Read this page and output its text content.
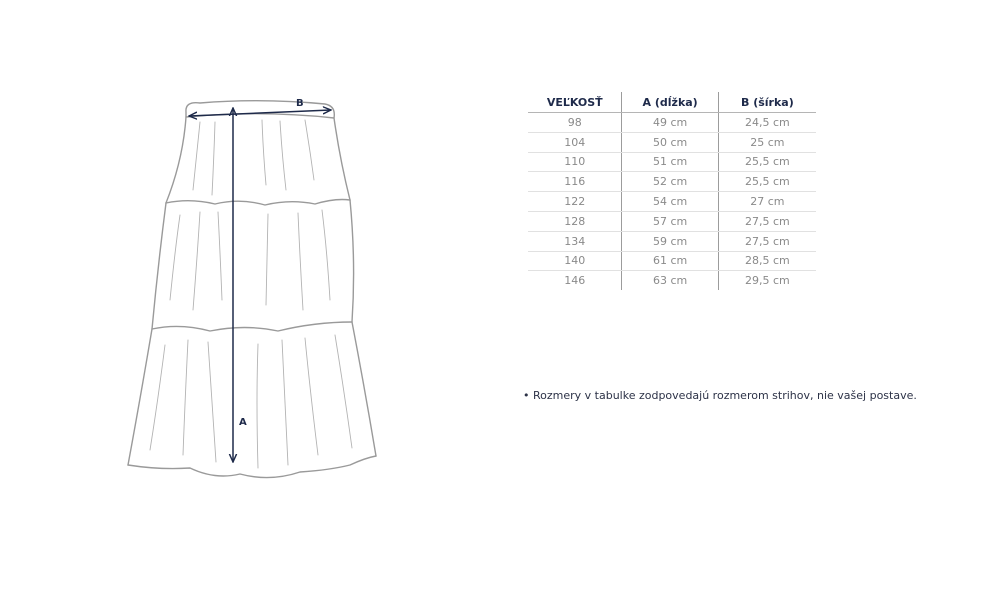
B
A
VEĽKOSŤ	A (dĺžka)	B (šírka)
98	49 cm	24,5 cm
104	50 cm	25 cm
110	51 cm	25,5 cm
116	52 cm	25,5 cm
122	54 cm	27 cm
128	57 cm	27,5 cm
134	59 cm	27,5 cm
140	61 cm	28,5 cm
146	63 cm	29,5 cm
• Rozmery v tabulke zodpovedajú rozmerom strihov, nie vašej postave.
